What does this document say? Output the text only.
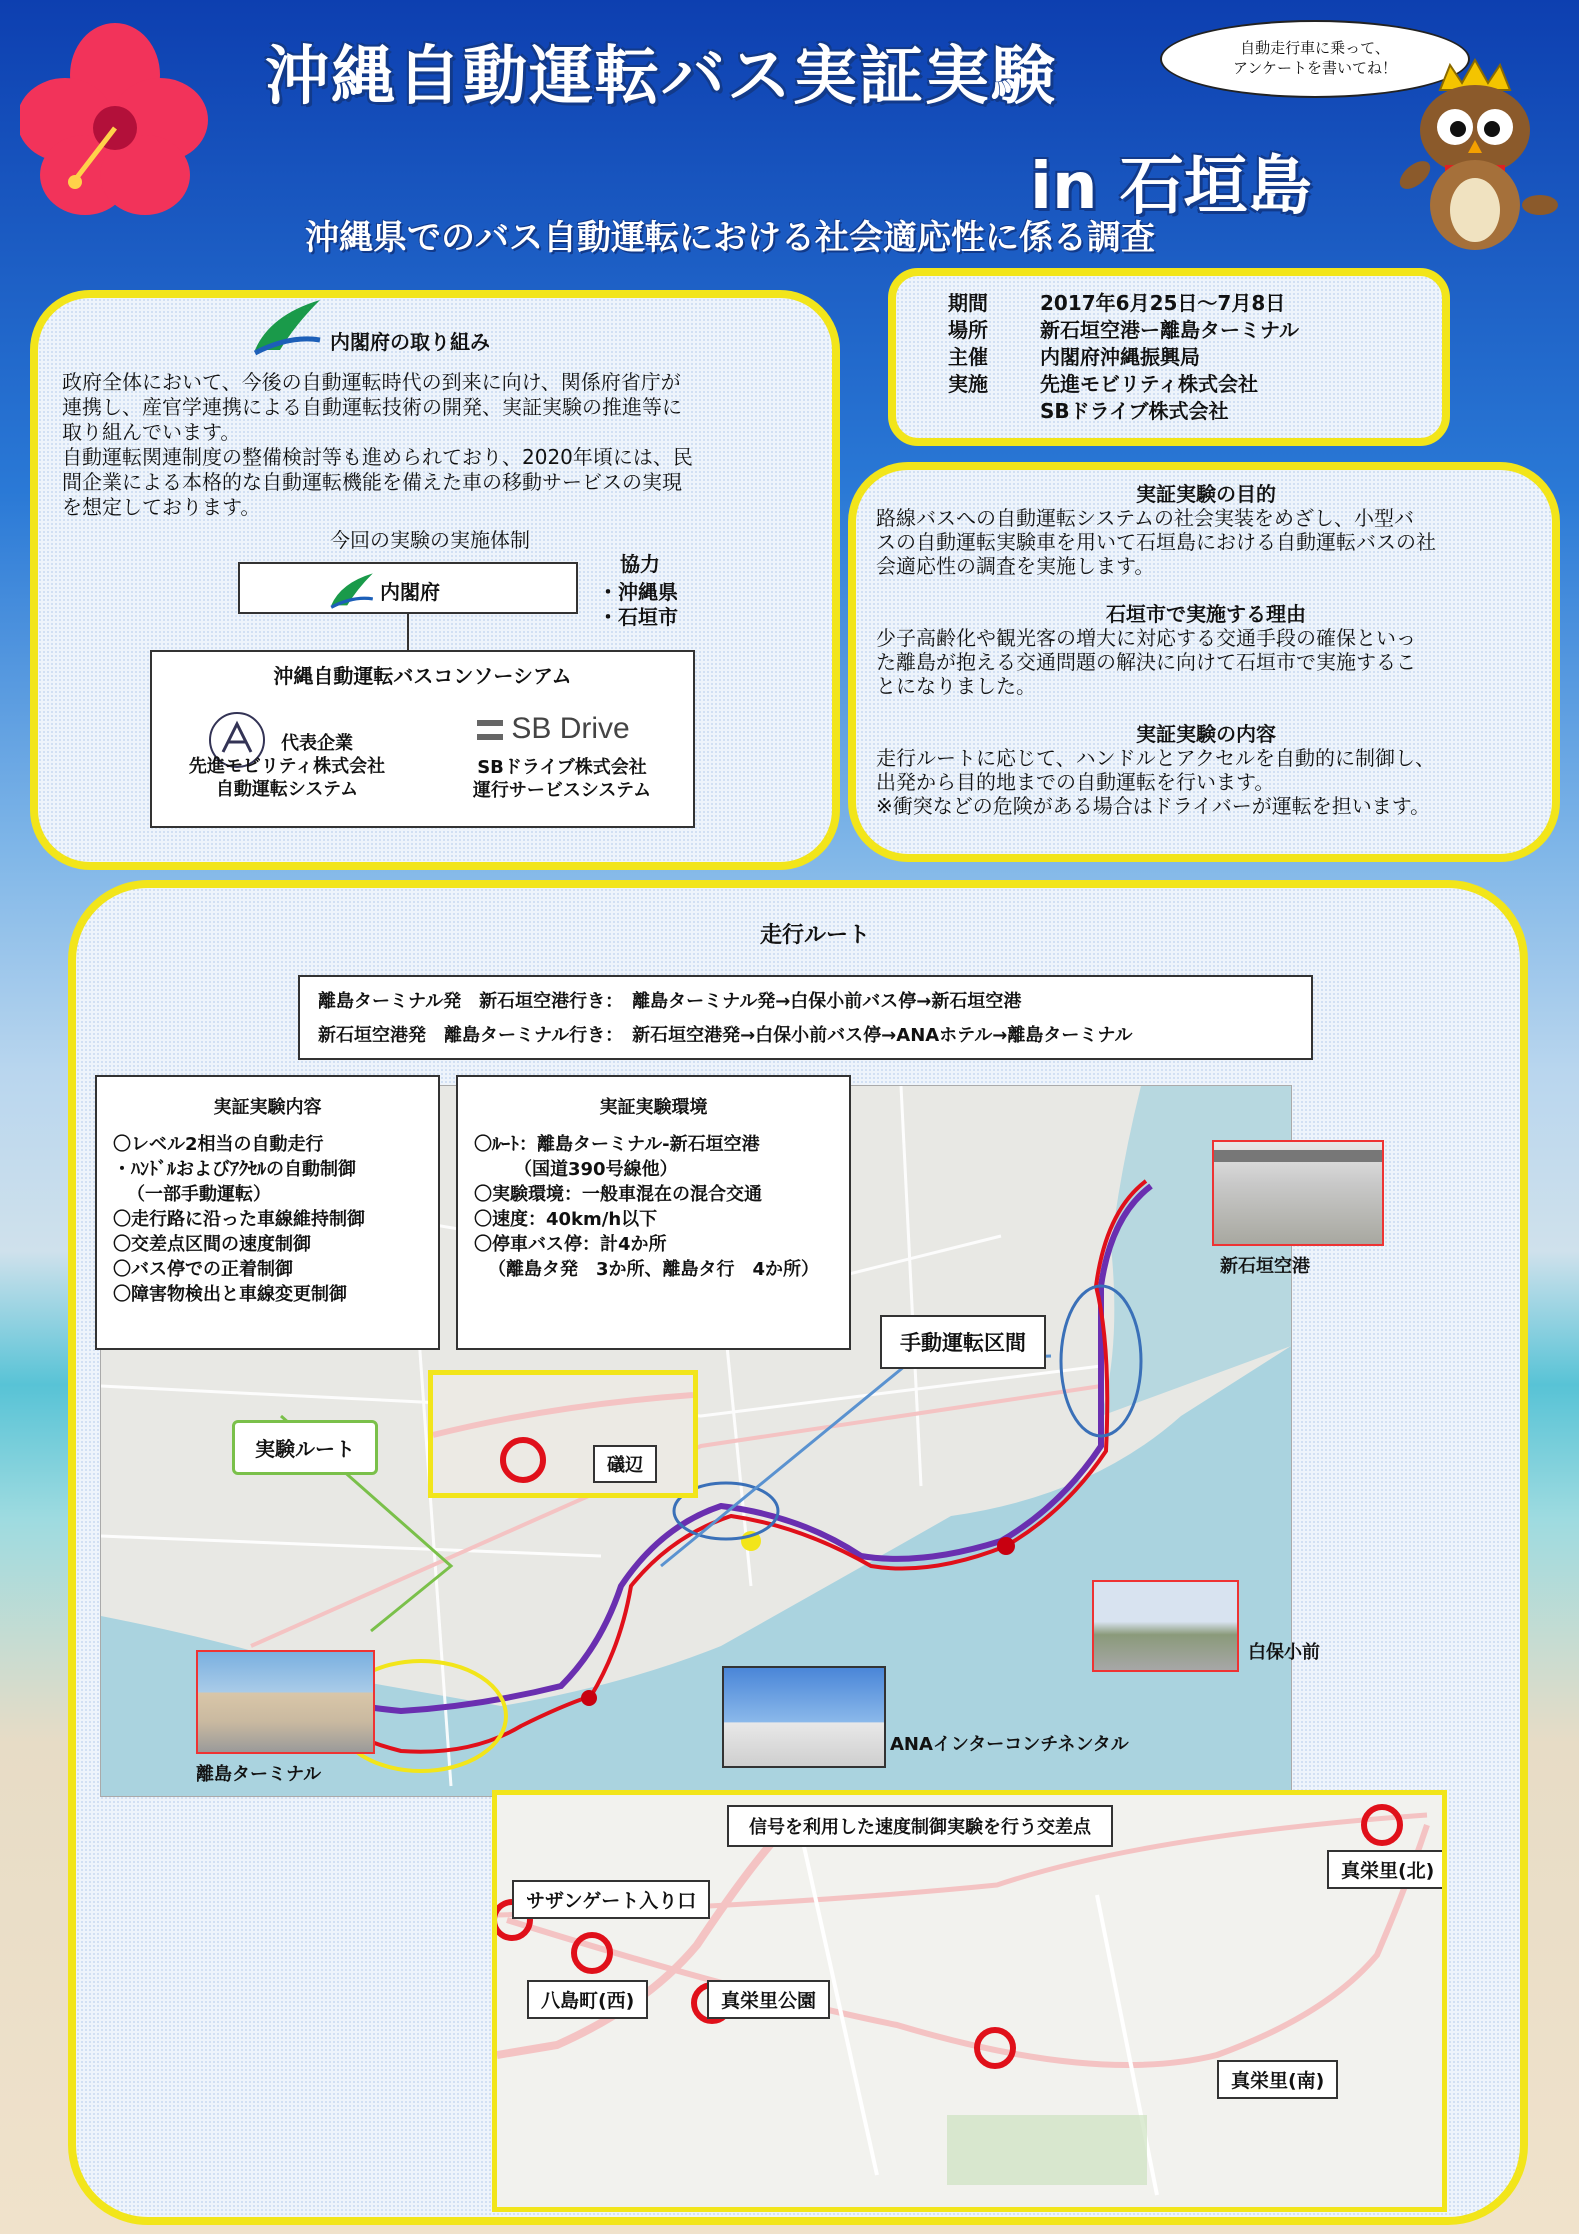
沖縄自動運転バス実証実験
in 石垣島
沖縄県でのバス自動運転における社会適応性に係る調査
自動走行車に乗って、
アンケートを書いてね！
内閣府の取り組み
政府全体において、今後の自動運転時代の到来に向け、関係府省庁が
連携し、産官学連携による自動運転技術の開発、実証実験の推進等に
取り組んでいます。
自動運転関連制度の整備検討等も進められており、2020年頃には、民
間企業による本格的な自動運転機能を備えた車の移動サービスの実現
を想定しております。
今回の実験の実施体制
内閣府
協力
・沖縄県
・石垣市
沖縄自動運転バスコンソーシアム
代表企業
先進モビリティ株式会社
自動運転システム
SB Drive
SBドライブ株式会社
運行サービスシステム
期間	2017年6月25日～7月8日
場所	新石垣空港ー離島ターミナル
主催	内閣府沖縄振興局
実施	先進モビリティ株式会社
SBドライブ株式会社
実証実験の目的
路線バスへの自動運転システムの社会実装をめざし、小型バ
スの自動運転実験車を用いて石垣島における自動運転バスの社
会適応性の調査を実施します。
石垣市で実施する理由
少子高齢化や観光客の増大に対応する交通手段の確保といっ
た離島が抱える交通問題の解決に向けて石垣市で実施するこ
とになりました。
実証実験の内容
走行ルートに応じて、ハンドルとアクセルを自動的に制御し、
出発から目的地までの自動運転を行います。
※衝突などの危険がある場合はドライバーが運転を担います。
走行ルート
離島ターミナル発　新石垣空港行き：　離島ターミナル発→白保小前バス停→新石垣空港
新石垣空港発　離島ターミナル行き：　新石垣空港発→白保小前バス停→ANAホテル→離島ターミナル
実証実験内容
〇レベル2相当の自動走行
・ﾊﾝﾄﾞﾙおよびｱｸｾﾙの自動制御
（一部手動運転）
〇走行路に沿った車線維持制御
〇交差点区間の速度制御
〇バス停での正着制御
〇障害物検出と車線変更制御
実証実験環境
〇ﾙｰﾄ：離島ターミナル-新石垣空港
（国道390号線他）
〇実験環境：一般車混在の混合交通
〇速度：40km/h以下
〇停車バス停：計4か所
（離島タ発　3か所、離島タ行　4か所）
手動運転区間
実験ルート
礒辺
新石垣空港
白保小前
ANAインターコンチネンタル
離島ターミナル
信号を利用した速度制御実験を行う交差点
真栄里(北)
サザンゲート入り口
八島町(西)	真栄里公園
真栄里(南)
